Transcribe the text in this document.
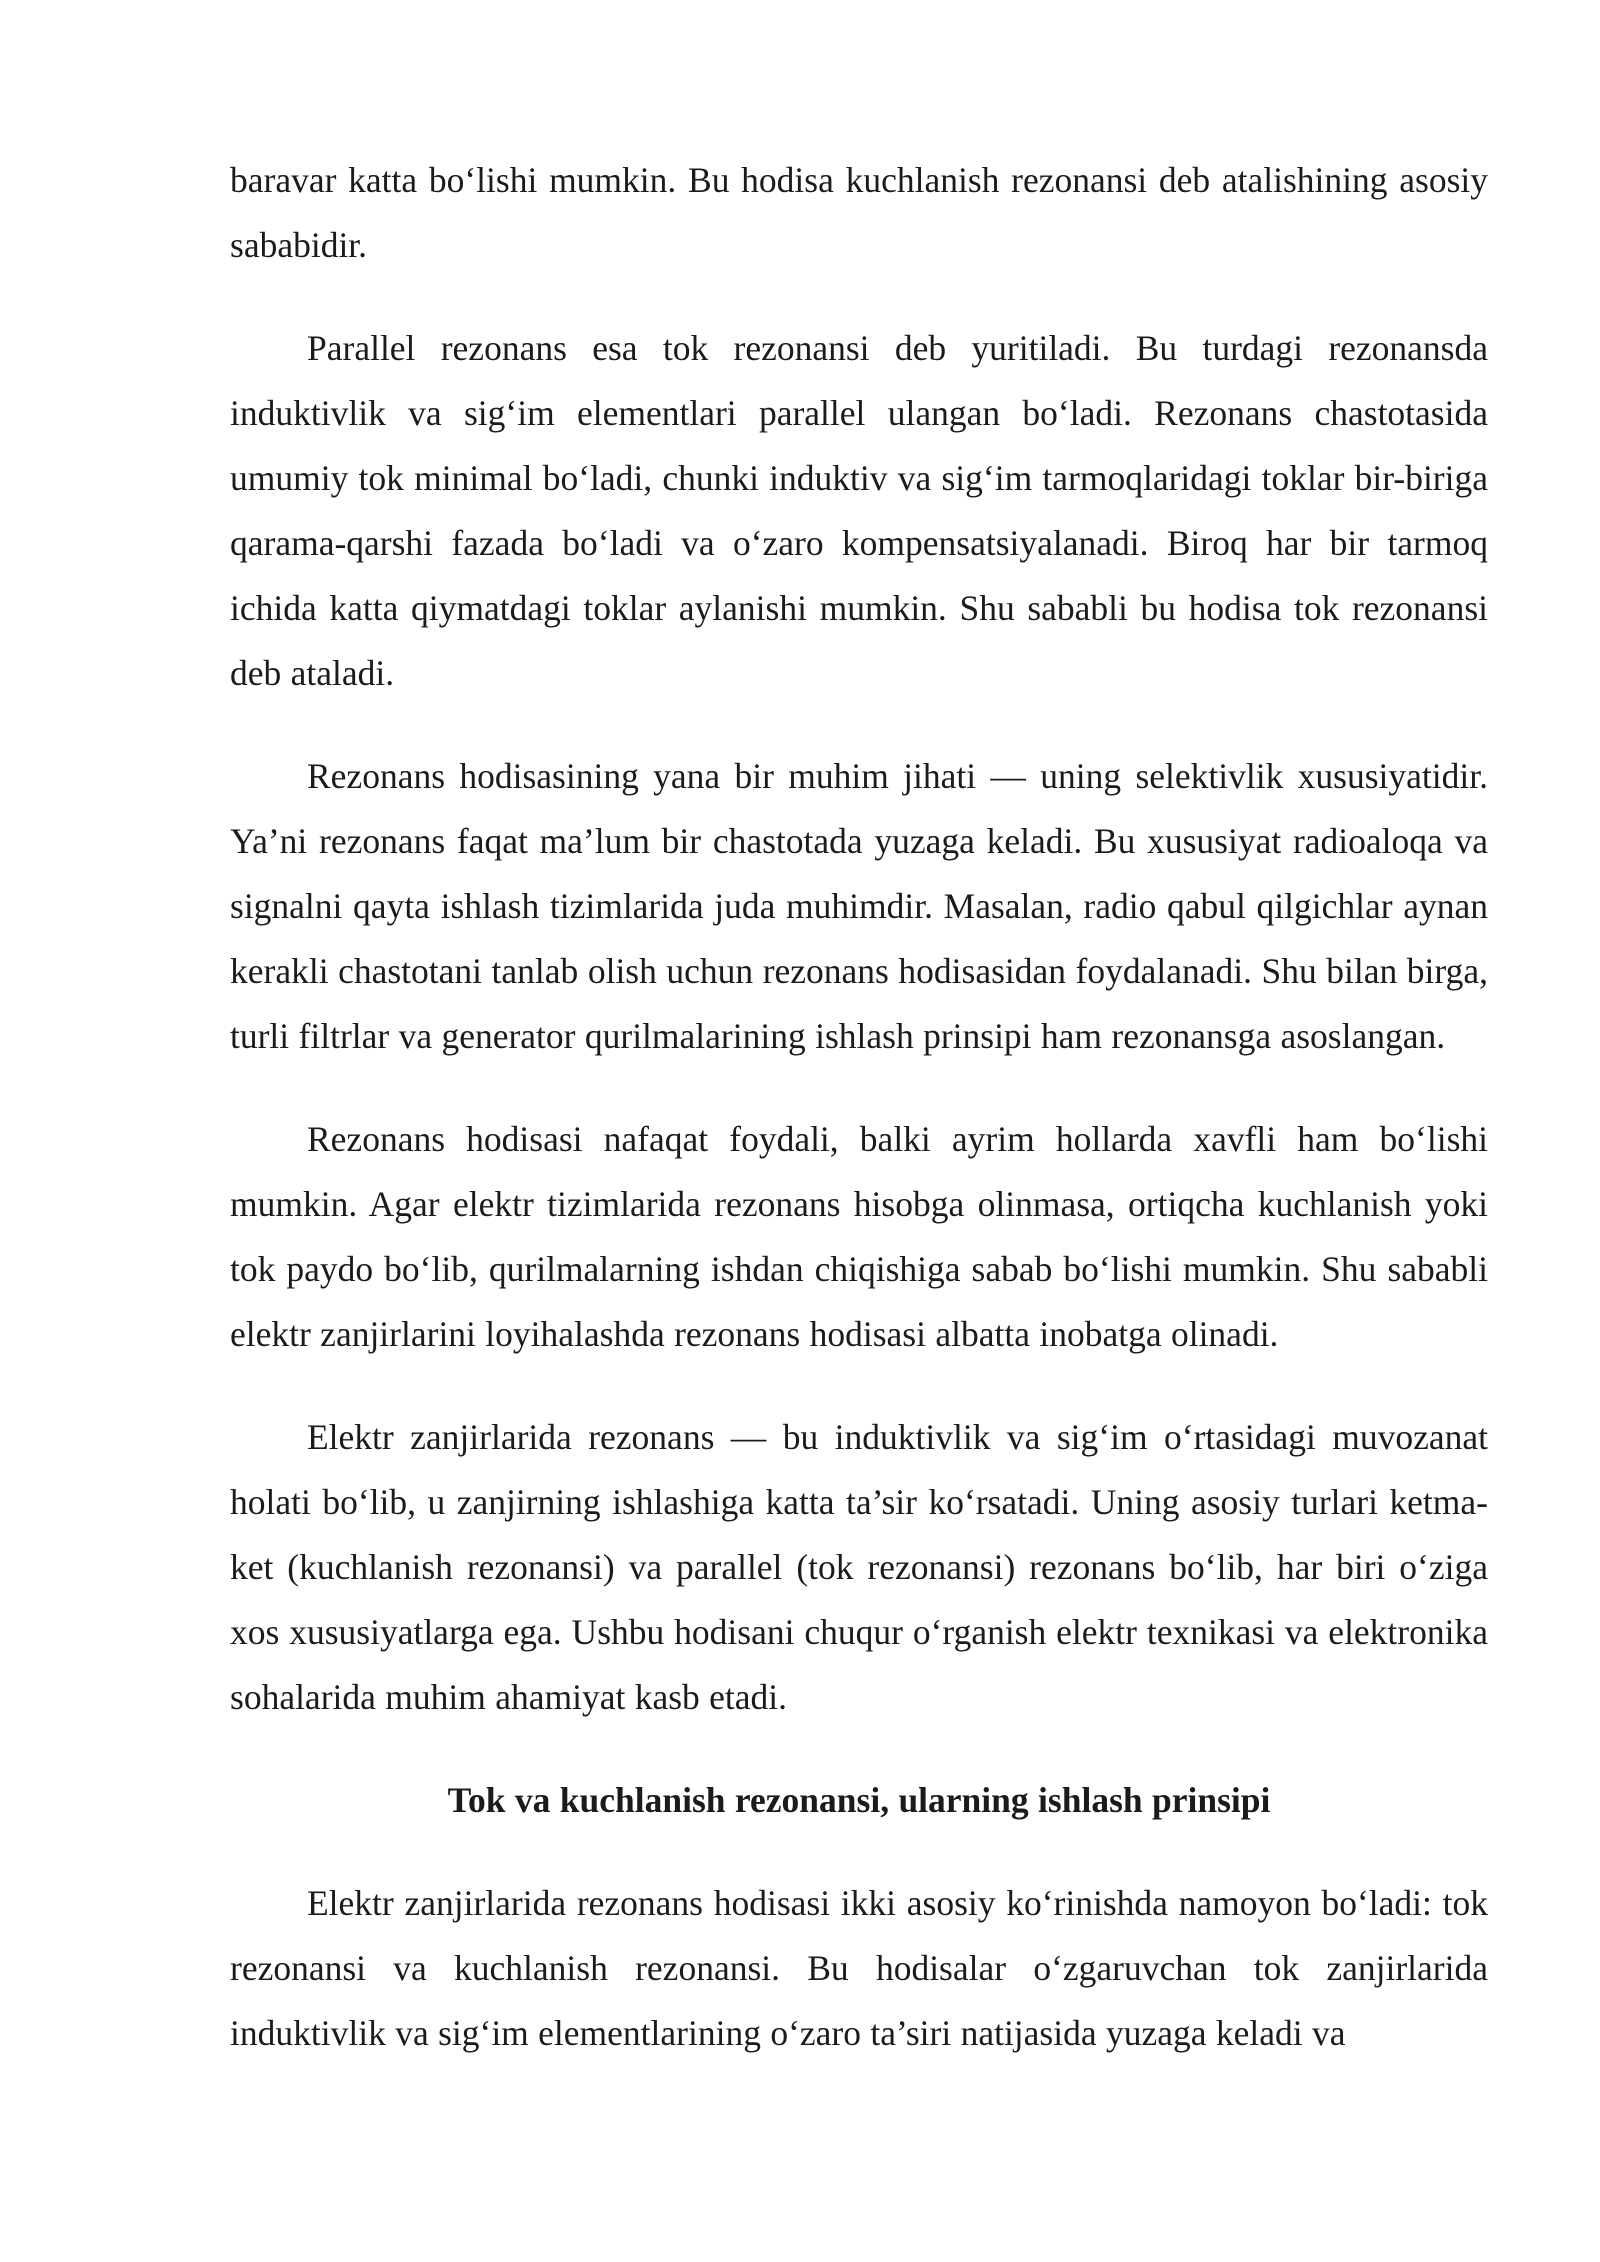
baravar katta bo‘lishi mumkin. Bu hodisa kuchlanish rezonansi deb atalishining asosiy sababidir.

Parallel rezonans esa tok rezonansi deb yuritiladi. Bu turdagi rezonansda induktivlik va sig‘im elementlari parallel ulangan bo‘ladi. Rezonans chastotasida umumiy tok minimal bo‘ladi, chunki induktiv va sig‘im tarmoqlaridagi toklar bir-biriga qarama-qarshi fazada bo‘ladi va o‘zaro kompensatsiyalanadi. Biroq har bir tarmoq ichida katta qiymatdagi toklar aylanishi mumkin. Shu sababli bu hodisa tok rezonansi deb ataladi.

Rezonans hodisasining yana bir muhim jihati — uning selektivlik xususiyatidir. Ya’ni rezonans faqat ma’lum bir chastotada yuzaga keladi. Bu xususiyat radioaloqa va signalni qayta ishlash tizimlarida juda muhimdir. Masalan, radio qabul qilgichlar aynan kerakli chastotani tanlab olish uchun rezonans hodisasidan foydalanadi. Shu bilan birga, turli filtrlar va generator qurilmalarining ishlash prinsipi ham rezonansga asoslangan.

Rezonans hodisasi nafaqat foydali, balki ayrim hollarda xavfli ham bo‘lishi mumkin. Agar elektr tizimlarida rezonans hisobga olinmasa, ortiqcha kuchlanish yoki tok paydo bo‘lib, qurilmalarning ishdan chiqishiga sabab bo‘lishi mumkin. Shu sababli elektr zanjirlarini loyihalashda rezonans hodisasi albatta inobatga olinadi.

Elektr zanjirlarida rezonans — bu induktivlik va sig‘im o‘rtasidagi muvozanat holati bo‘lib, u zanjirning ishlashiga katta ta’sir ko‘rsatadi. Uning asosiy turlari ketma-ket (kuchlanish rezonansi) va parallel (tok rezonansi) rezonans bo‘lib, har biri o‘ziga xos xususiyatlarga ega. Ushbu hodisani chuqur o‘rganish elektr texnikasi va elektronika sohalarida muhim ahamiyat kasb etadi.

Tok va kuchlanish rezonansi, ularning ishlash prinsipi

Elektr zanjirlarida rezonans hodisasi ikki asosiy ko‘rinishda namoyon bo‘ladi: tok rezonansi va kuchlanish rezonansi. Bu hodisalar o‘zgaruvchan tok zanjirlarida induktivlik va sig‘im elementlarining o‘zaro ta’siri natijasida yuzaga keladi va
